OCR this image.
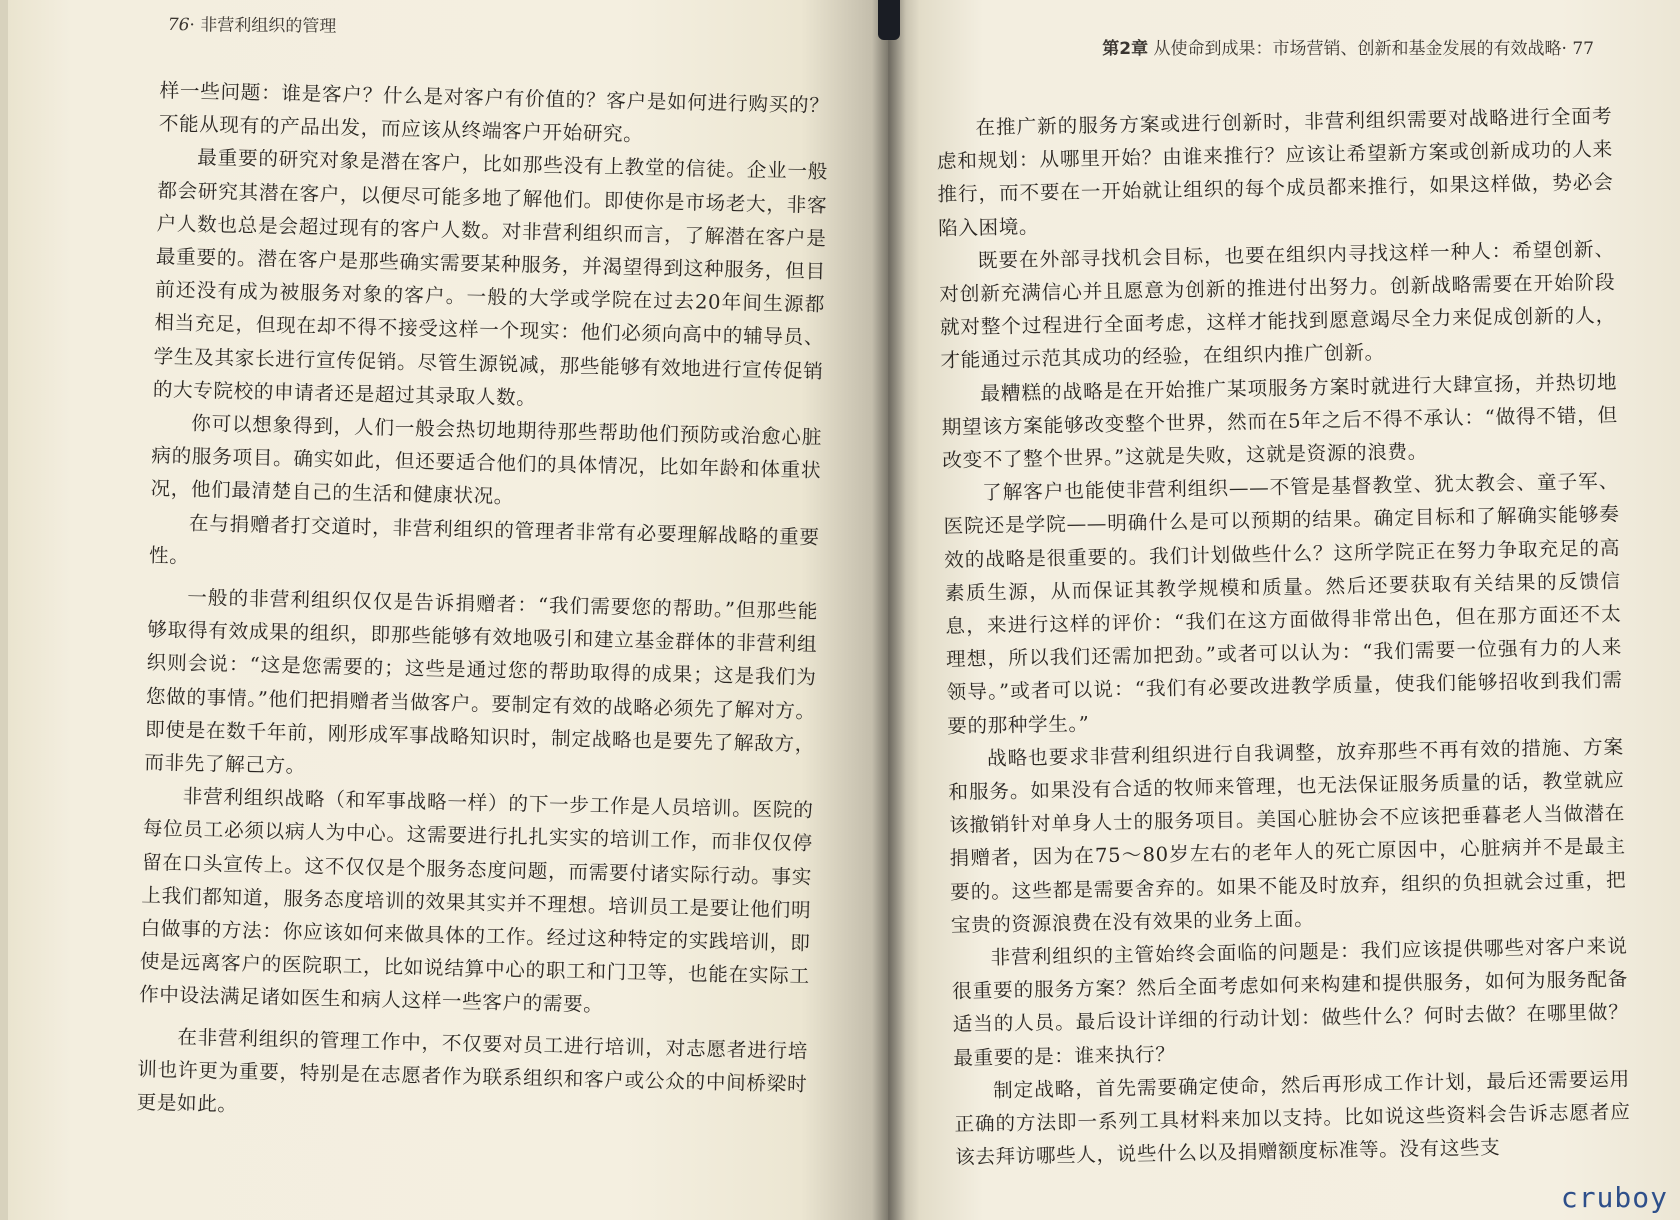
76· 非营利组织的管理

样一些问题：谁是客户？什么是对客户有价值的？客户是如何进行购买的？不能从现有的产品出发，而应该从终端客户开始研究。

最重要的研究对象是潜在客户，比如那些没有上教堂的信徒。企业一般都会研究其潜在客户，以便尽可能多地了解他们。即使你是市场老大，非客户人数也总是会超过现有的客户人数。对非营利组织而言，了解潜在客户是最重要的。潜在客户是那些确实需要某种服务，并渴望得到这种服务，但目前还没有成为被服务对象的客户。一般的大学或学院在过去20年间生源都相当充足，但现在却不得不接受这样一个现实：他们必须向高中的辅导员、学生及其家长进行宣传促销。尽管生源锐减，那些能够有效地进行宣传促销的大专院校的申请者还是超过其录取人数。

你可以想象得到，人们一般会热切地期待那些帮助他们预防或治愈心脏病的服务项目。确实如此，但还要适合他们的具体情况，比如年龄和体重状况，他们最清楚自己的生活和健康状况。

在与捐赠者打交道时，非营利组织的管理者非常有必要理解战略的重要性。

一般的非营利组织仅仅是告诉捐赠者：“我们需要您的帮助。”但那些能够取得有效成果的组织，即那些能够有效地吸引和建立基金群体的非营利组织则会说：“这是您需要的；这些是通过您的帮助取得的成果；这是我们为您做的事情。”他们把捐赠者当做客户。要制定有效的战略必须先了解对方。即使是在数千年前，刚形成军事战略知识时，制定战略也是要先了解敌方，而非先了解己方。

非营利组织战略（和军事战略一样）的下一步工作是人员培训。医院的每位员工必须以病人为中心。这需要进行扎扎实实的培训工作，而非仅仅停留在口头宣传上。这不仅仅是个服务态度问题，而需要付诸实际行动。事实上我们都知道，服务态度培训的效果其实并不理想。培训员工是要让他们明白做事的方法：你应该如何来做具体的工作。经过这种特定的实践培训，即使是远离客户的医院职工，比如说结算中心的职工和门卫等，也能在实际工作中设法满足诸如医生和病人这样一些客户的需要。

在非营利组织的管理工作中，不仅要对员工进行培训，对志愿者进行培训也许更为重要，特别是在志愿者作为联系组织和客户或公众的中间桥梁时更是如此。

第2章 从使命到成果：市场营销、创新和基金发展的有效战略· 77

在推广新的服务方案或进行创新时，非营利组织需要对战略进行全面考虑和规划：从哪里开始？由谁来推行？应该让希望新方案或创新成功的人来推行，而不要在一开始就让组织的每个成员都来推行，如果这样做，势必会陷入困境。

既要在外部寻找机会目标，也要在组织内寻找这样一种人：希望创新、对创新充满信心并且愿意为创新的推进付出努力。创新战略需要在开始阶段就对整个过程进行全面考虑，这样才能找到愿意竭尽全力来促成创新的人，才能通过示范其成功的经验，在组织内推广创新。

最糟糕的战略是在开始推广某项服务方案时就进行大肆宣扬，并热切地期望该方案能够改变整个世界，然而在5年之后不得不承认：“做得不错，但改变不了整个世界。”这就是失败，这就是资源的浪费。

了解客户也能使非营利组织——不管是基督教堂、犹太教会、童子军、医院还是学院——明确什么是可以预期的结果。确定目标和了解确实能够奏效的战略是很重要的。我们计划做些什么？这所学院正在努力争取充足的高素质生源，从而保证其教学规模和质量。然后还要获取有关结果的反馈信息，来进行这样的评价：“我们在这方面做得非常出色，但在那方面还不太理想，所以我们还需加把劲。”或者可以认为：“我们需要一位强有力的人来领导。”或者可以说：“我们有必要改进教学质量，使我们能够招收到我们需要的那种学生。”

战略也要求非营利组织进行自我调整，放弃那些不再有效的措施、方案和服务。如果没有合适的牧师来管理，也无法保证服务质量的话，教堂就应该撤销针对单身人士的服务项目。美国心脏协会不应该把垂暮老人当做潜在捐赠者，因为在75～80岁左右的老年人的死亡原因中，心脏病并不是最主要的。这些都是需要舍弃的。如果不能及时放弃，组织的负担就会过重，把宝贵的资源浪费在没有效果的业务上面。

非营利组织的主管始终会面临的问题是：我们应该提供哪些对客户来说很重要的服务方案？然后全面考虑如何来构建和提供服务，如何为服务配备适当的人员。最后设计详细的行动计划：做些什么？何时去做？在哪里做？最重要的是：谁来执行？

制定战略，首先需要确定使命，然后再形成工作计划，最后还需要运用正确的方法即一系列工具材料来加以支持。比如说这些资料会告诉志愿者应该去拜访哪些人，说些什么以及捐赠额度标准等。没有这些支

cruboy
